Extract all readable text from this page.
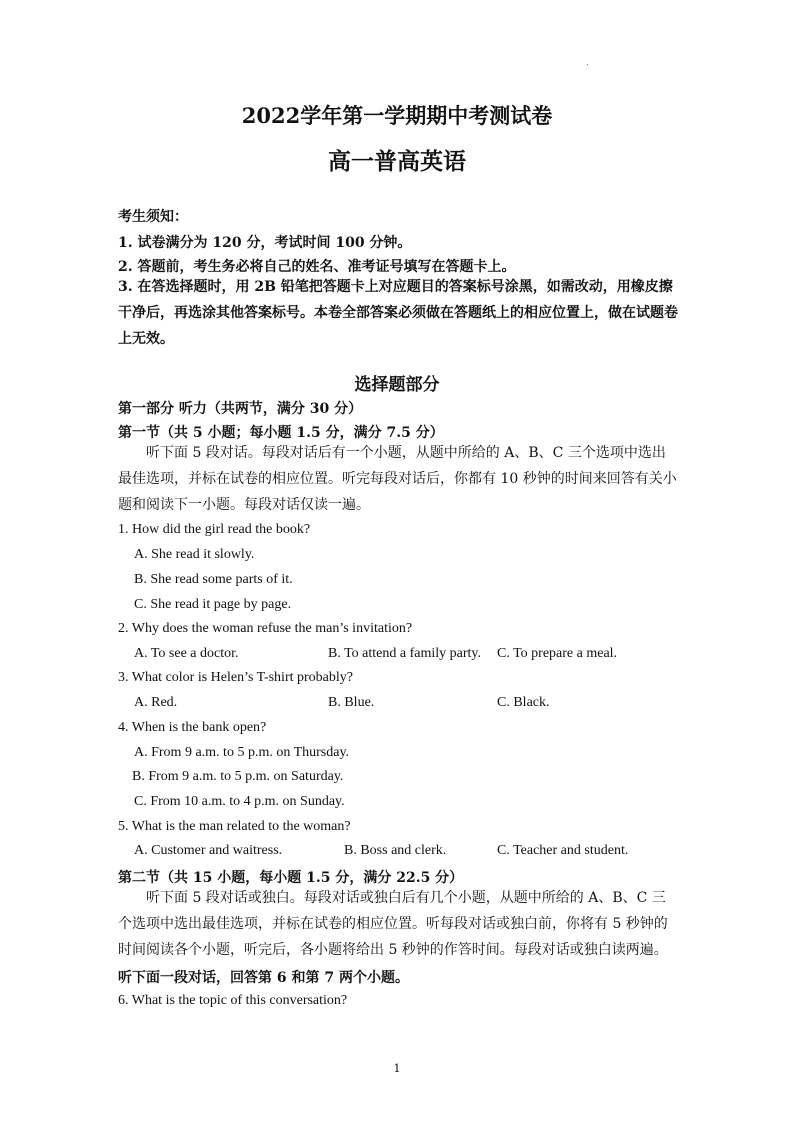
.
2022学年第一学期期中考测试卷
高一普高英语
考生须知：
1. 试卷满分为 120 分，考试时间 100 分钟。
2. 答题前，考生务必将自己的姓名、准考证号填写在答题卡上。
3. 在答选择题时，用 2B 铅笔把答题卡上对应题目的答案标号涂黑，如需改动，用橡皮擦干净后，再选涂其他答案标号。本卷全部答案必须做在答题纸上的相应位置上，做在试题卷上无效。
选择题部分
第一部分 听力（共两节，满分 30 分）
第一节（共 5 小题；每小题 1.5 分，满分 7.5 分）
听下面 5 段对话。每段对话后有一个小题，从题中所给的 A、B、C 三个选项中选出最佳选项，并标在试卷的相应位置。听完每段对话后，你都有 10 秒钟的时间来回答有关小题和阅读下一小题。每段对话仅读一遍。
1. How did the girl read the book?
A. She read it slowly.
B. She read some parts of it.
C. She read it page by page.
2. Why does the woman refuse the man’s invitation?
A. To see a doctor.	B. To attend a family party. C. To prepare a meal.
3. What color is Helen’s T-shirt probably?
A. Red.	B. Blue.	C. Black.
4. When is the bank open?
A. From 9 a.m. to 5 p.m. on Thursday.
B. From 9 a.m. to 5 p.m. on Saturday.
C. From 10 a.m. to 4 p.m. on Sunday.
5. What is the man related to the woman?
A. Customer and waitress.	B. Boss and clerk.	C. Teacher and student.
第二节（共 15 小题，每小题 1.5 分，满分 22.5 分）
听下面 5 段对话或独白。每段对话或独白后有几个小题，从题中所给的 A、B、C 三个选项中选出最佳选项，并标在试卷的相应位置。听每段对话或独白前，你将有 5 秒钟的时间阅读各个小题，听完后，各小题将给出 5 秒钟的作答时间。每段对话或独白读两遍。
听下面一段对话，回答第 6 和第 7 两个小题。
6. What is the topic of this conversation?
1
